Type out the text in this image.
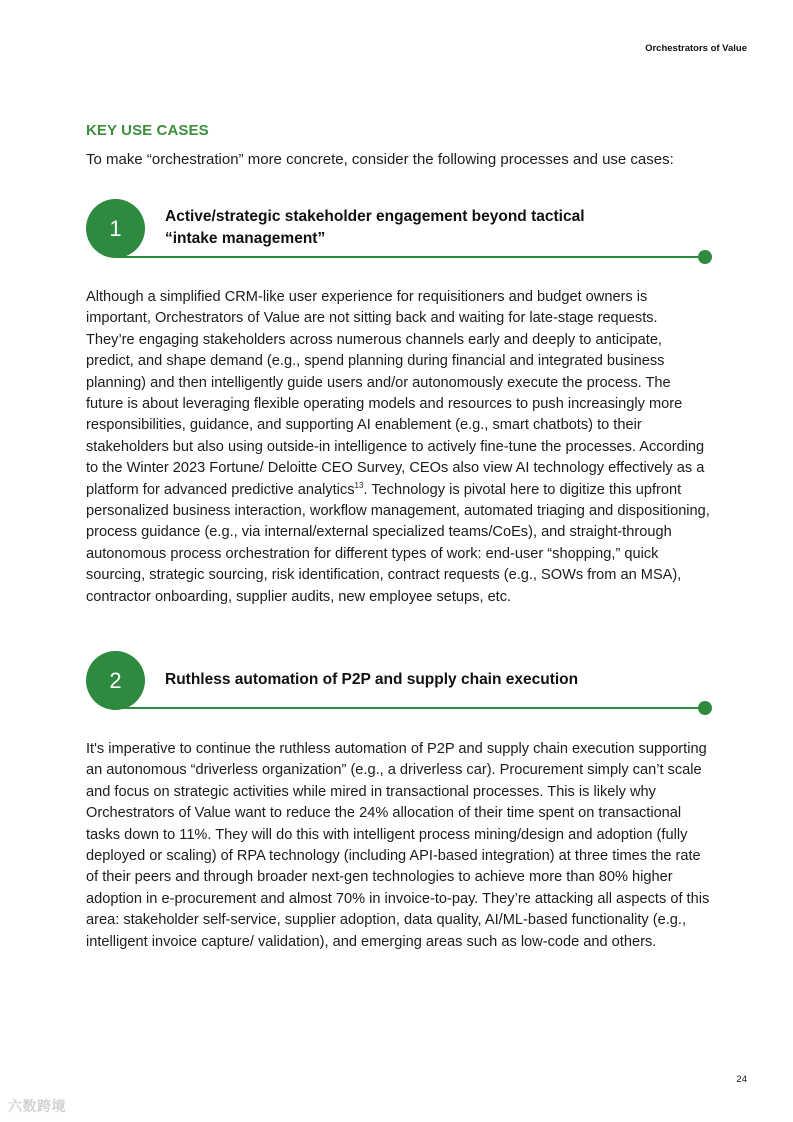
Orchestrators of Value
KEY USE CASES
To make “orchestration” more concrete, consider the following processes and use cases:
1	Active/strategic stakeholder engagement beyond tactical
“intake management”
Although a simplified CRM-like user experience for requisitioners and budget owners is important, Orchestrators of Value are not sitting back and waiting for late-stage requests. They’re engaging stakeholders across numerous channels early and deeply to anticipate, predict, and shape demand (e.g., spend planning during financial and integrated business planning) and then intelligently guide users and/or autonomously execute the process. The future is about leveraging flexible operating models and resources to push increasingly more responsibilities, guidance, and supporting AI enablement (e.g., smart chatbots) to their stakeholders but also using outside-in intelligence to actively fine-tune the processes. According to the Winter 2023 Fortune/ Deloitte CEO Survey, CEOs also view AI technology effectively as a platform for advanced predictive analytics$^{13}$. Technology is pivotal here to digitize this upfront personalized business interaction, workflow management, automated triaging and dispositioning, process guidance (e.g., via internal/external specialized teams/CoEs), and straight-through autonomous process orchestration for different types of work: end-user “shopping,” quick sourcing, strategic sourcing, risk identification, contract requests (e.g., SOWs from an MSA), contractor onboarding, supplier audits, new employee setups, etc.
2	Ruthless automation of P2P and supply chain execution
It's imperative to continue the ruthless automation of P2P and supply chain execution supporting an autonomous “driverless organization” (e.g., a driverless car). Procurement simply can’t scale and focus on strategic activities while mired in transactional processes. This is likely why Orchestrators of Value want to reduce the 24% allocation of their time spent on transactional tasks down to 11%. They will do this with intelligent process mining/design and adoption (fully deployed or scaling) of RPA technology (including API-based integration) at three times the rate of their peers and through broader next-gen technologies to achieve more than 80% higher adoption in e-procurement and almost 70% in invoice-to-pay. They’re attacking all aspects of this area: stakeholder self-service, supplier adoption, data quality, AI/ML-based functionality (e.g., intelligent invoice capture/ validation), and emerging areas such as low-code and others.
24
六数跨境
